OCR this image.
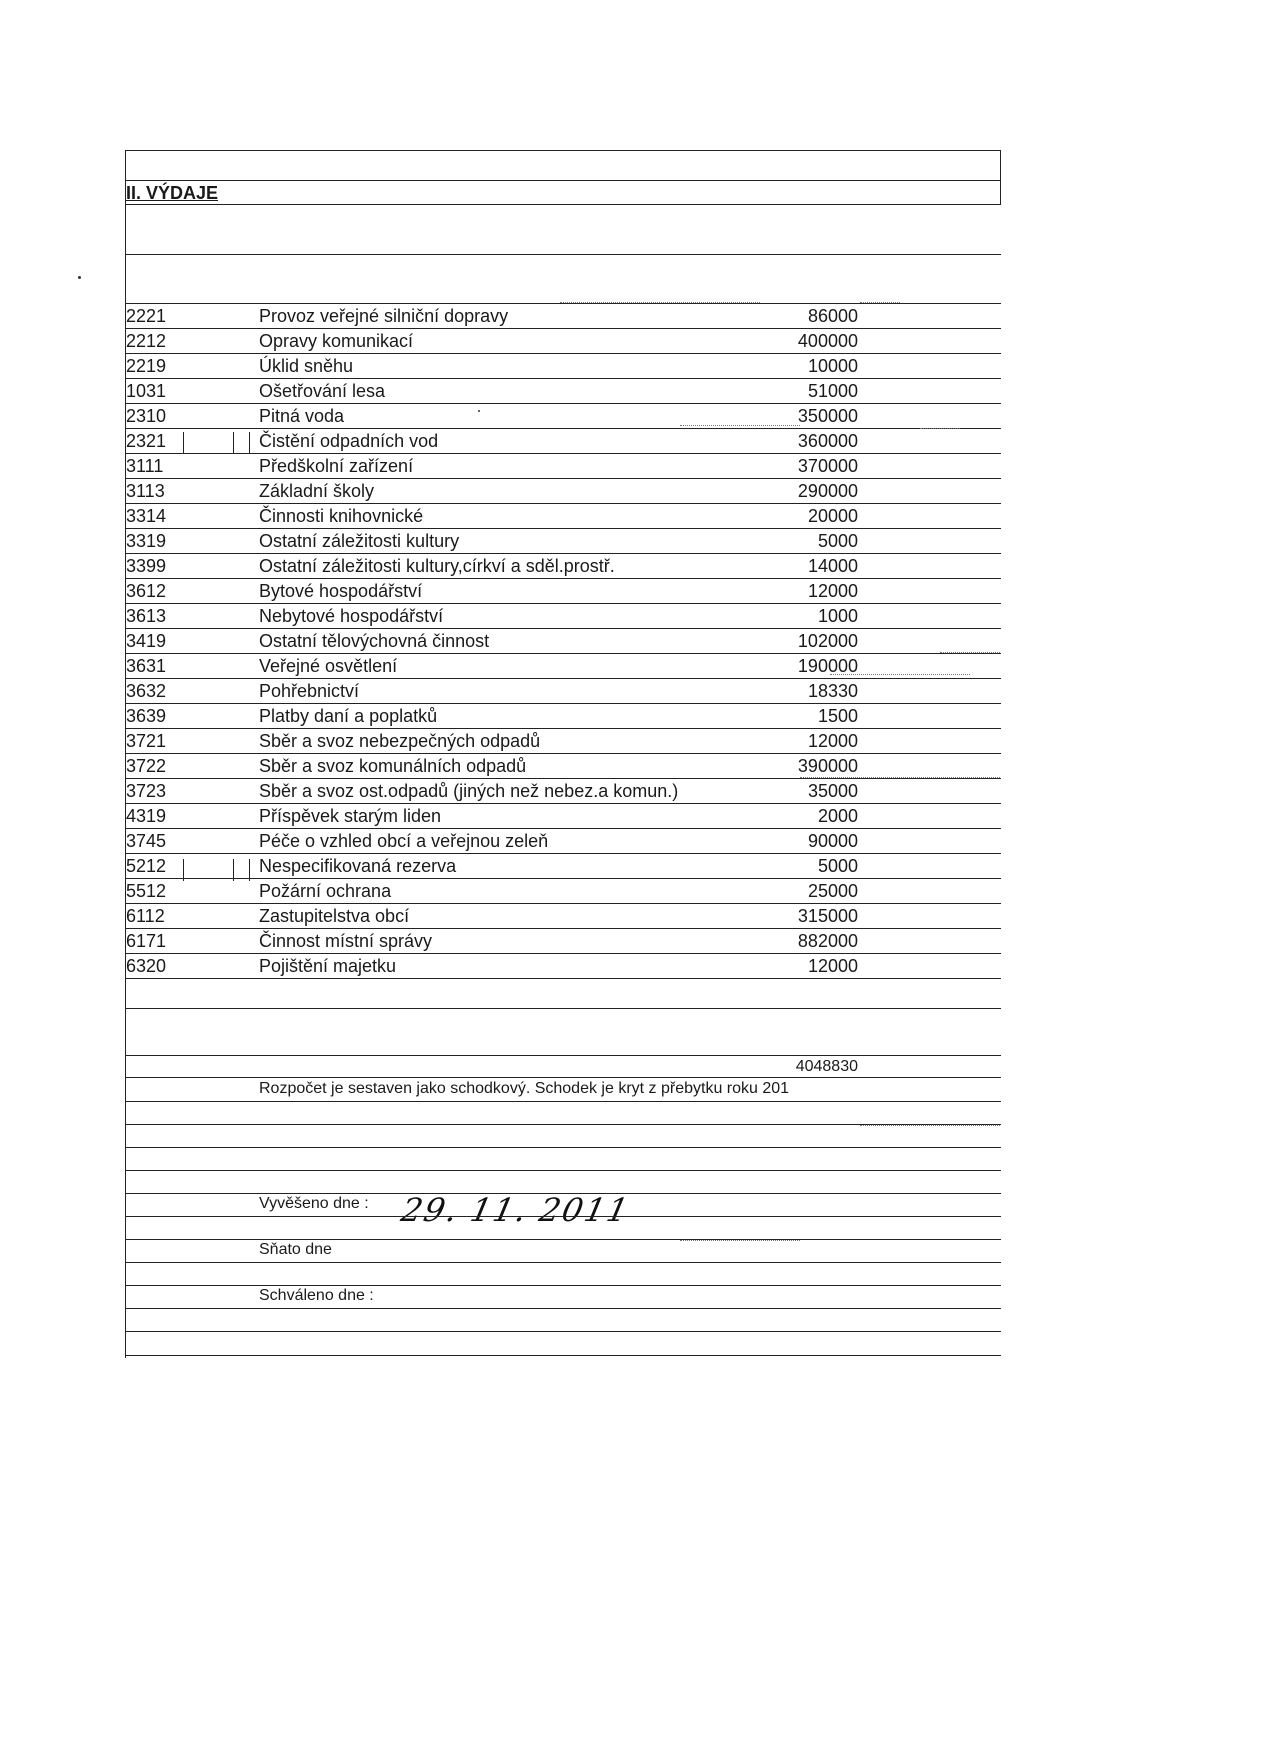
II. VÝDAJE
2221	Provoz veřejné silniční dopravy	86000
2212	Opravy komunikací	400000
2219	Úklid sněhu	10000
1031	Ošetřování lesa	51000
2310	Pitná voda	350000
2321	Čistění odpadních vod	360000
3111	Předškolní zařízení	370000
3113	Základní školy	290000
3314	Činnosti knihovnické	20000
3319	Ostatní záležitosti kultury	5000
3399	Ostatní záležitosti kultury,církví a sděl.prostř.	14000
3612	Bytové hospodářství	12000
3613	Nebytové hospodářství	1000
3419	Ostatní tělovýchovná činnost	102000
3631	Veřejné osvětlení	190000
3632	Pohřebnictví	18330
3639	Platby daní a poplatků	1500
3721	Sběr a svoz nebezpečných odpadů	12000
3722	Sběr a svoz komunálních odpadů	390000
3723	Sběr a svoz ost.odpadů (jiných než nebez.a komun.)	35000
4319	Příspěvek starým liden	2000
3745	Péče o vzhled obcí a veřejnou zeleň	90000
5212	Nespecifikovaná rezerva	5000
5512	Požární ochrana	25000
6112	Zastupitelstva obcí	315000
6171	Činnost místní správy	882000
6320	Pojištění majetku	12000
4048830
Rozpočet je sestaven jako schodkový. Schodek je kryt z přebytku roku 201
Vyvěšeno dne : 29. 11. 2011
Sňato dne
Schváleno dne :
